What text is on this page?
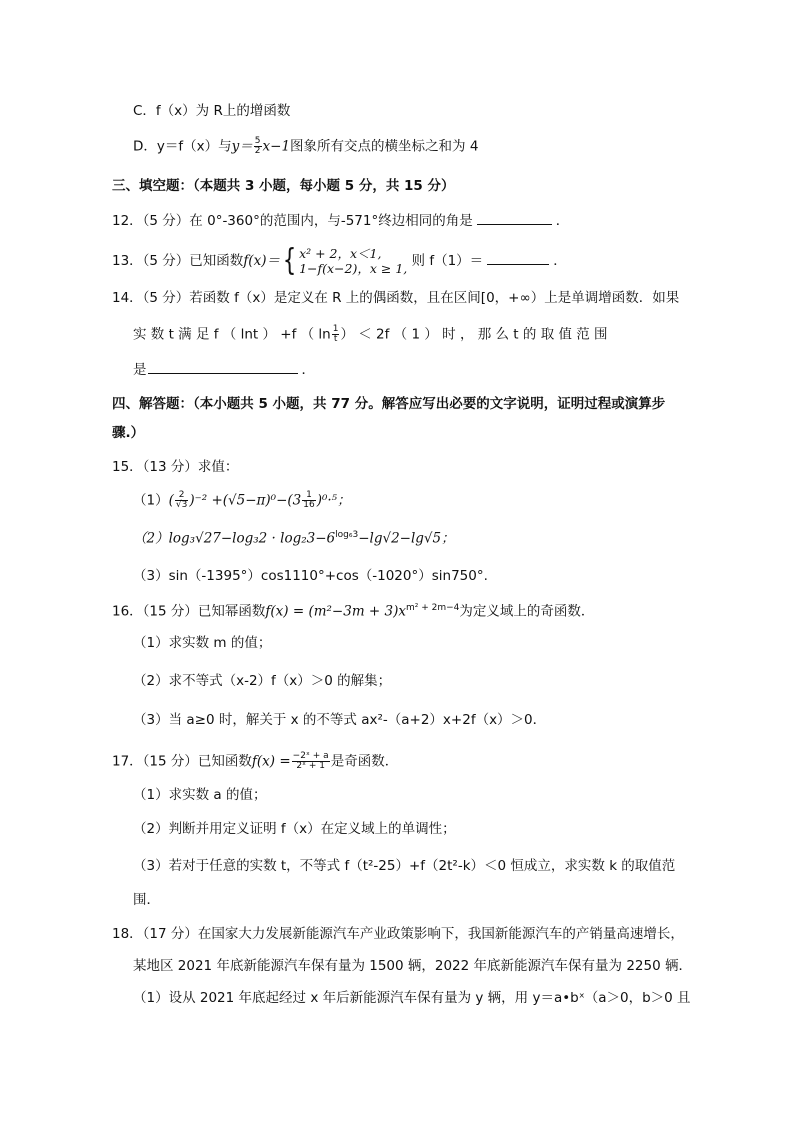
C．f（x）为 R上的增函数
D．y＝f（x）与$y= \frac{5}{2} x-1$图象所有交点的横坐标之和为 4
三、填空题：（本题共 3 小题，每小题 5 分，共 15 分）
12．（5 分）在 0°-360°的范围内，与-571°终边相同的角是	．
13．（5 分）已知函数f(x)＝{ x² + 2，x＜1,
1−f(x−2)，x ≥ 1, 则 f（1）＝	．
14．（5 分）若函数 f（x）是定义在 R 上的偶函数，且在区间[0，+∞）上是单调增函数．如果
实 数 t 满 足 f （ lnt ） +f （ $\ln \frac{1}{t}$ ） ＜ 2f （ 1 ） 时 ， 那 么 t 的 取 值 范 围
是	．
四、解答题：（本小题共 5 小题，共 77 分。解答应写出必要的文字说明，证明过程或演算步
骤.）
15．（13 分）求值：
$(1)( \frac{2}{√3} )^{-2} +(√5-\pi)^0-(3 \frac{1}{16} )^0\cdot^5$；
$(2)\log_3√27-\log_32 \cdot \log_23-6^{log_63}-\lg√2-\lg√5$；
（3）sin（-1395°）cos1110°+cos（-1020°）sin750°.
16．（15 分）已知幂函数$f(x) = (m^2-3m + 3)x^{m^2 + 2m-4}$为定义域上的奇函数．
（1）求实数 m 的值；
（2）求不等式（x-2）f（x）＞0 的解集；
（3）当 a≥0 时，解关于 x 的不等式 ax²-（a+2）x+2f（x）＞0．
17．（15 分）已知函数$f(x) = \frac{\text{−2ˣ + a}}{\text{2ˣ + 1}}$ 是奇函数．
（1）求实数 a 的值；
（2）判断并用定义证明 f（x）在定义域上的单调性；
（3）若对于任意的实数 t，不等式 f（t²-25）+f（2t²-k）＜0 恒成立，求实数 k 的取值范
围．
18．（17 分）在国家大力发展新能源汽车产业政策影响下，我国新能源汽车的产销量高速增长，
某地区 2021 年底新能源汽车保有量为 1500 辆，2022 年底新能源汽车保有量为 2250 辆．
（1）设从 2021 年底起经过 x 年后新能源汽车保有量为 y 辆，用 y＝a•bˣ（a＞0，b＞0 且
